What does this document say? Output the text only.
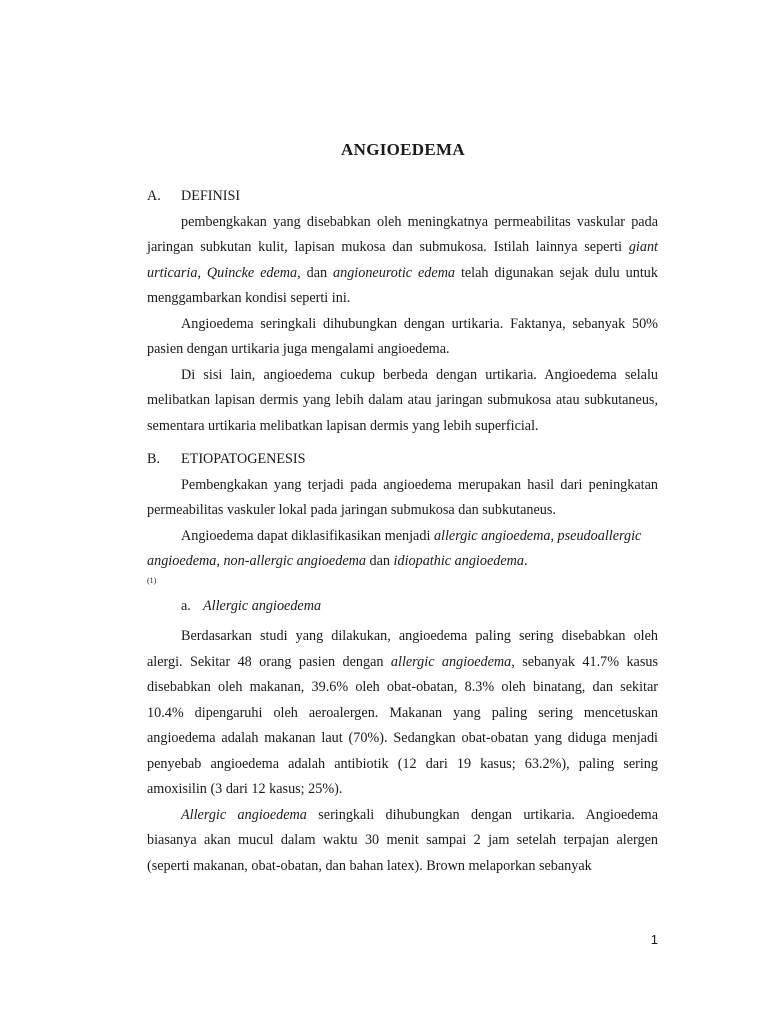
ANGIOEDEMA
A.	DEFINISI

pembengkakan yang disebabkan oleh meningkatnya permeabilitas vaskular pada jaringan subkutan kulit, lapisan mukosa dan submukosa. Istilah lainnya seperti giant urticaria, Quincke edema, dan angioneurotic edema telah digunakan sejak dulu untuk menggambarkan kondisi seperti ini.

Angioedema seringkali dihubungkan dengan urtikaria. Faktanya, sebanyak 50% pasien dengan urtikaria juga mengalami angioedema.

Di sisi lain, angioedema cukup berbeda dengan urtikaria. Angioedema selalu melibatkan lapisan dermis yang lebih dalam atau jaringan submukosa atau subkutaneus, sementara urtikaria melibatkan lapisan dermis yang lebih superficial.

B.	ETIOPATOGENESIS

Pembengkakan yang terjadi pada angioedema merupakan hasil dari peningkatan permeabilitas vaskuler lokal pada jaringan submukosa dan subkutaneus.

Angioedema dapat diklasifikasikan menjadi allergic angioedema, pseudoallergic angioedema, non-allergic angioedema dan idiopathic angioedema.

(1)

a. Allergic angioedema

Berdasarkan studi yang dilakukan, angioedema paling sering disebabkan oleh alergi. Sekitar 48 orang pasien dengan allergic angioedema, sebanyak 41.7% kasus disebabkan oleh makanan, 39.6% oleh obat-obatan, 8.3% oleh binatang, dan sekitar 10.4% dipengaruhi oleh aeroalergen. Makanan yang paling sering mencetuskan angioedema adalah makanan laut (70%). Sedangkan obat-obatan yang diduga menjadi penyebab angioedema adalah antibiotik (12 dari 19 kasus; 63.2%), paling sering amoxisilin (3 dari 12 kasus; 25%).

Allergic angioedema seringkali dihubungkan dengan urtikaria. Angioedema biasanya akan mucul dalam waktu 30 menit sampai 2 jam setelah terpajan alergen (seperti makanan, obat-obatan, dan bahan latex). Brown melaporkan sebanyak

1
